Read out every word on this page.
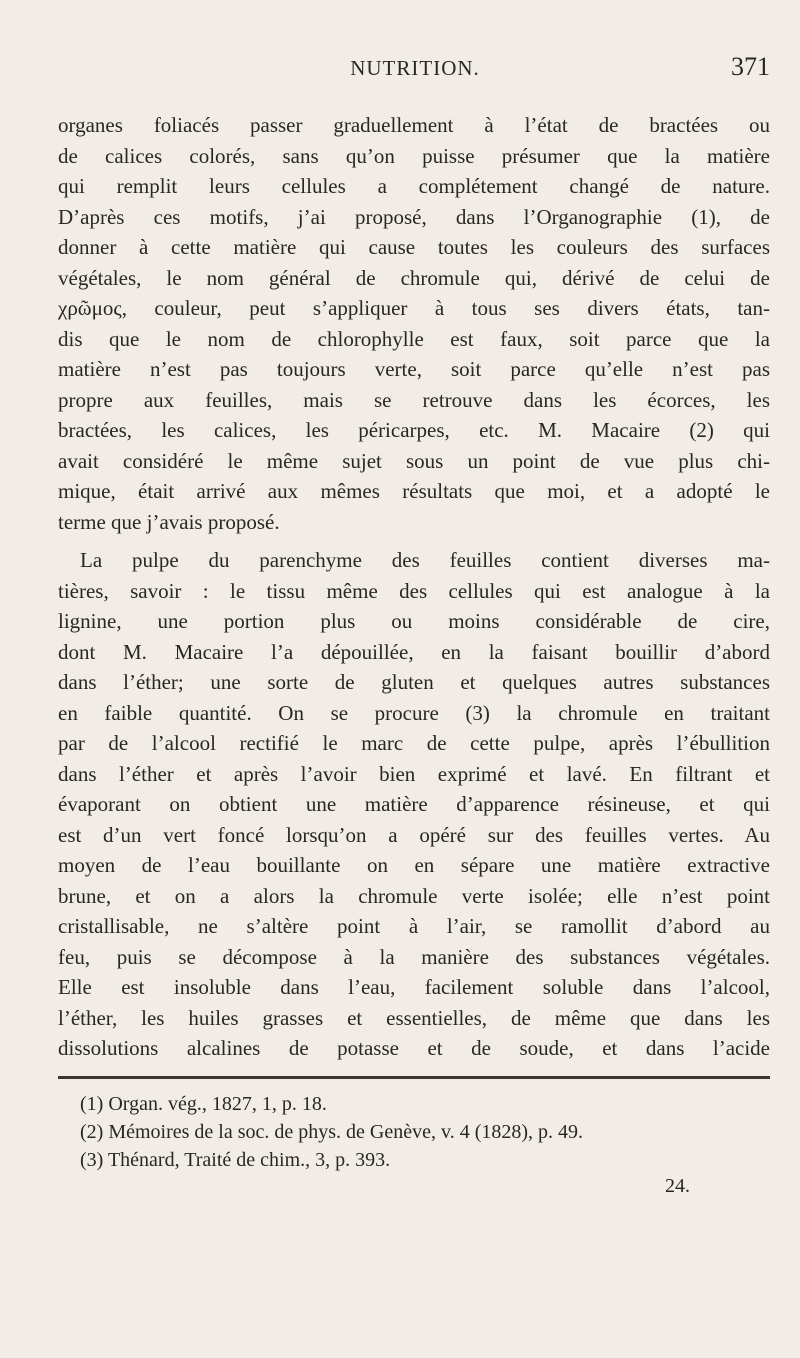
NUTRITION.	371
organes foliacés passer graduellement à l’état de bractées ou
de calices colorés, sans qu’on puisse présumer que la matière
qui remplit leurs cellules a complétement changé de nature.
D’après ces motifs, j’ai proposé, dans l’Organographie (1), de
donner à cette matière qui cause toutes les couleurs des surfaces
végétales, le nom général de chromule qui, dérivé de celui de
χρῶμος, couleur, peut s’appliquer à tous ses divers états, tan-
dis que le nom de chlorophylle est faux, soit parce que la
matière n’est pas toujours verte, soit parce qu’elle n’est pas
propre aux feuilles, mais se retrouve dans les écorces, les
bractées, les calices, les péricarpes, etc. M. Macaire (2) qui
avait considéré le même sujet sous un point de vue plus chi-
mique, était arrivé aux mêmes résultats que moi, et a adopté le
terme que j’avais proposé.
La pulpe du parenchyme des feuilles contient diverses ma-
tières, savoir : le tissu même des cellules qui est analogue à la
lignine, une portion plus ou moins considérable de cire,
dont M. Macaire l’a dépouillée, en la faisant bouillir d’abord
dans l’éther; une sorte de gluten et quelques autres substances
en faible quantité. On se procure (3) la chromule en traitant
par de l’alcool rectifié le marc de cette pulpe, après l’ébullition
dans l’éther et après l’avoir bien exprimé et lavé. En filtrant et
évaporant on obtient une matière d’apparence résineuse, et qui
est d’un vert foncé lorsqu’on a opéré sur des feuilles vertes. Au
moyen de l’eau bouillante on en sépare une matière extractive
brune, et on a alors la chromule verte isolée; elle n’est point
cristallisable, ne s’altère point à l’air, se ramollit d’abord au
feu, puis se décompose à la manière des substances végétales.
Elle est insoluble dans l’eau, facilement soluble dans l’alcool,
l’éther, les huiles grasses et essentielles, de même que dans les
dissolutions alcalines de potasse et de soude, et dans l’acide
(1) Organ. vég., 1827, 1, p. 18.
(2) Mémoires de la soc. de phys. de Genève, v. 4 (1828), p. 49.
(3) Thénard, Traité de chim., 3, p. 393.
24.
